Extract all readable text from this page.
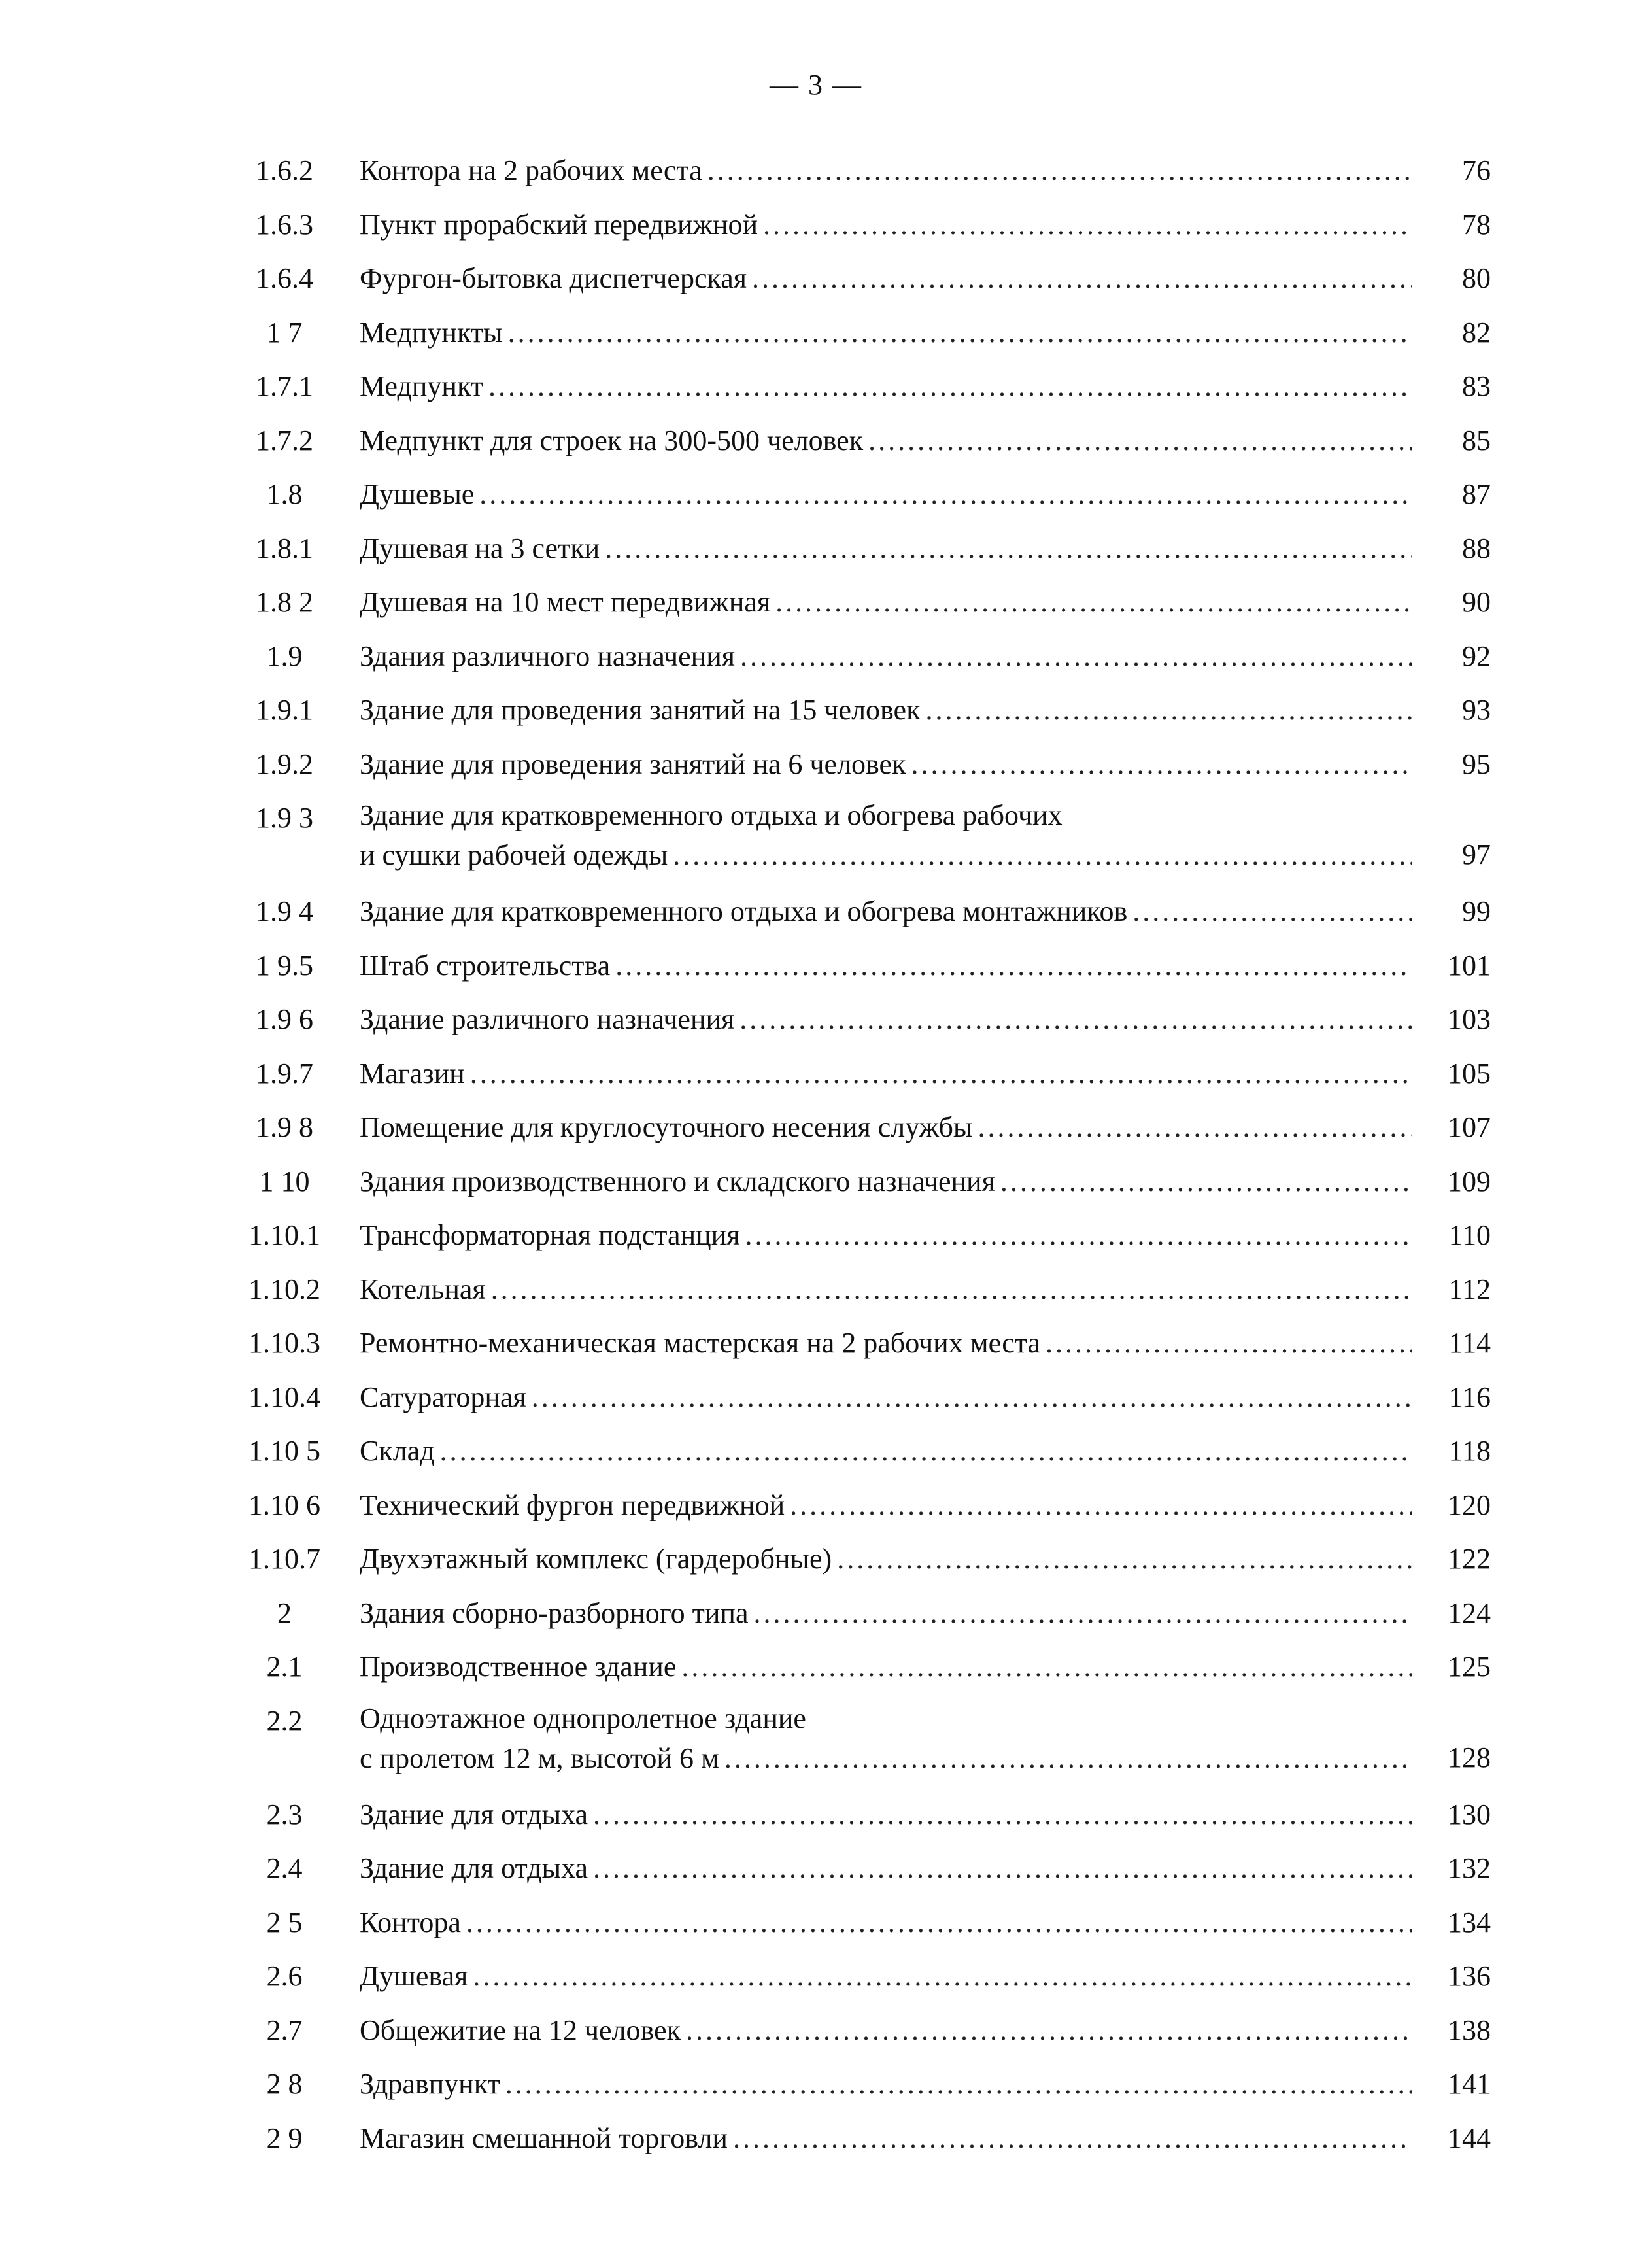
— 3 —
1.6.2	Контора на 2 рабочих места .....	76
1.6.3	Пункт прорабский передвижной .....	78
1.6.4	Фургон-бытовка диспетчерская .....	80
1 7	Медпункты .....	82
1.7.1	Медпункт .....	83
1.7.2	Медпункт для строек на 300-500 человек .....	85
1.8	Душевые .....	87
1.8.1	Душевая на 3 сетки .....	88
1.8 2	Душевая на 10 мест передвижная .....	90
1.9	Здания различного назначения .....	92
1.9.1	Здание для проведения занятий на 15 человек .....	93
1.9.2	Здание для проведения занятий на 6 человек .....	95
1.9 3	Здание для кратковременного отдыха и обогрева рабочих
и сушки рабочей одежды .....	97
1.9 4	Здание для кратковременного отдыха и обогрева монтажников .....	99
1 9.5	Штаб строительства .....	101
1.9 6	Здание различного назначения .....	103
1.9.7	Магазин .....	105
1.9 8	Помещение для круглосуточного несения службы .....	107
1 10	Здания производственного и складского назначения .....	109
1.10.1	Трансформаторная подстанция .....	110
1.10.2	Котельная .....	112
1.10.3	Ремонтно-механическая мастерская на 2 рабочих места .....	114
1.10.4	Сатураторная .....	116
1.10 5	Склад .....	118
1.10 6	Технический фургон передвижной .....	120
1.10.7	Двухэтажный комплекс (гардеробные) .....	122
2	Здания сборно-разборного типа .....	124
2.1	Производственное здание .....	125
2.2	Одноэтажное однопролетное здание
с пролетом 12 м, высотой 6 м .....	128
2.3	Здание для отдыха .....	130
2.4	Здание для отдыха .....	132
2 5	Контора .....	134
2.6	Душевая .....	136
2.7	Общежитие на 12 человек .....	138
2 8	Здравпункт .....	141
2 9	Магазин смешанной торговли .....	144
